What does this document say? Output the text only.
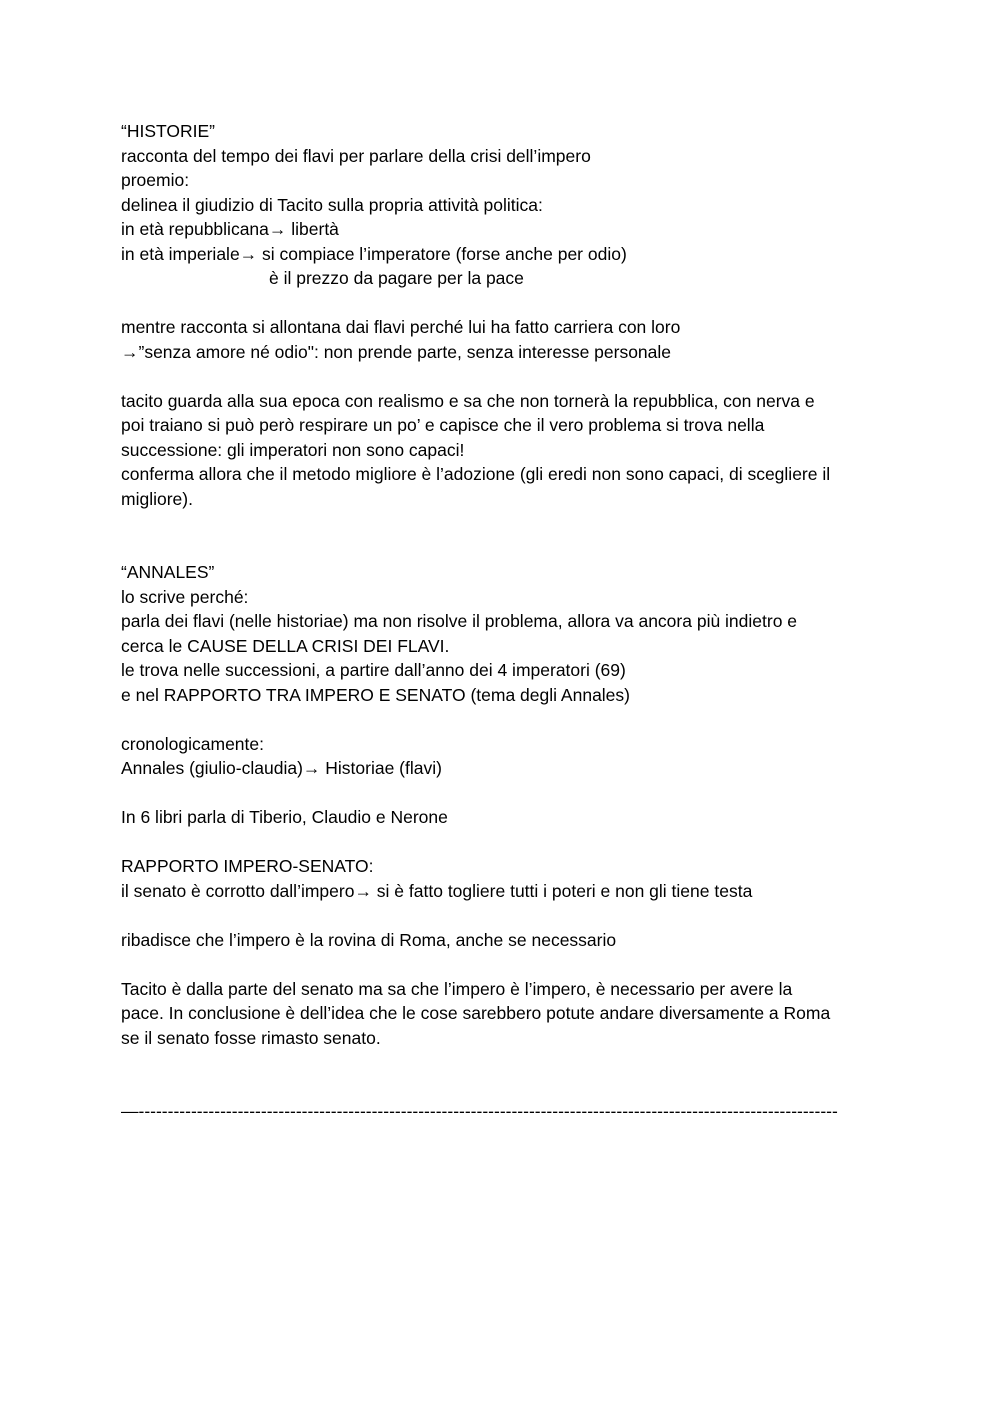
“HISTORIE”
racconta del tempo dei flavi per parlare della crisi dell’impero
proemio:
delinea il giudizio di Tacito sulla propria attività politica:
in età repubblicana→ libertà
in età imperiale→ si compiace l’imperatore (forse anche per odio)
è il prezzo da pagare per la pace
mentre racconta si allontana dai flavi perché lui ha fatto carriera con loro
→”senza amore né odio": non prende parte, senza interesse personale
tacito guarda alla sua epoca con realismo e sa che non tornerà la repubblica, con nerva e
poi traiano si può però respirare un po’ e capisce che il vero problema si trova nella
successione: gli imperatori non sono capaci!
conferma allora che il metodo migliore è l’adozione (gli eredi non sono capaci, di scegliere il
migliore).
“ANNALES”
lo scrive perché:
parla dei flavi (nelle historiae) ma non risolve il problema, allora va ancora più indietro e
cerca le CAUSE DELLA CRISI DEI FLAVI.
le trova nelle successioni, a partire dall’anno dei 4 imperatori (69)
e nel RAPPORTO TRA IMPERO E SENATO (tema degli Annales)
cronologicamente:
Annales (giulio-claudia)→ Historiae (flavi)
In 6 libri parla di Tiberio, Claudio e Nerone
RAPPORTO IMPERO-SENATO:
il senato è corrotto dall’impero→ si è fatto togliere tutti i poteri e non gli tiene testa
ribadisce che l’impero è la rovina di Roma, anche se necessario
Tacito è dalla parte del senato ma sa che l’impero è l’impero, è necessario per avere la
pace. In conclusione è dell’idea che le cose sarebbero potute andare diversamente a Roma
se il senato fosse rimasto senato.
—------------------------------------------------------------------------------------------------------------------------
